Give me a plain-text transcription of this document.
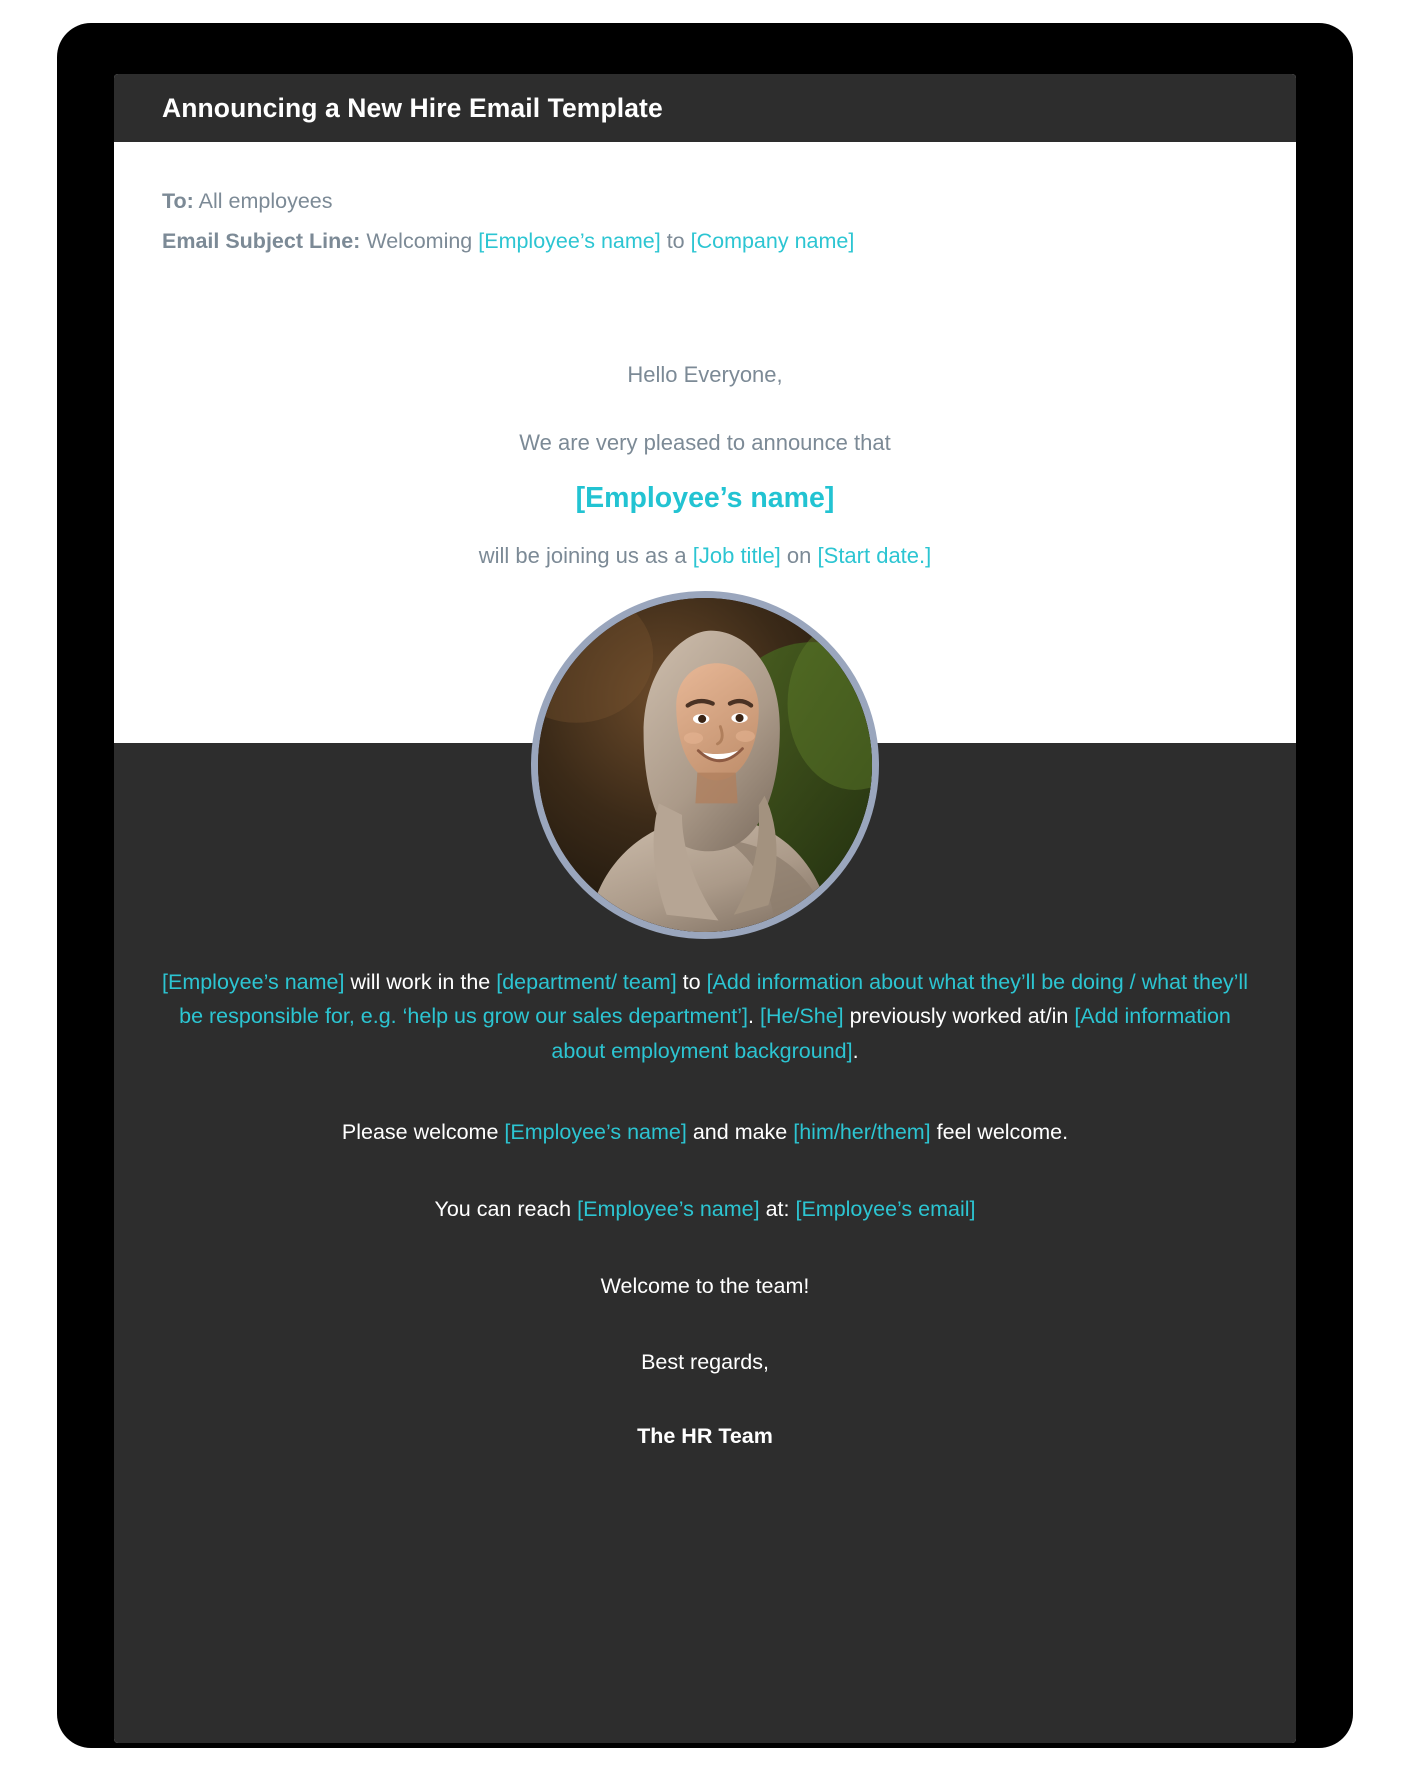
Announcing a New Hire Email Template
To: All employees
Email Subject Line: Welcoming [Employee’s name] to [Company name]
Hello Everyone,
We are very pleased to announce that
[Employee’s name]
will be joining us as a [Job title] on [Start date.]

[Employee’s name] will work in the [department/ team] to [Add information about what they’ll be doing / what they’ll be responsible for, e.g. ‘help us grow our sales department’]. [He/She] previously worked at/in [Add information about employment background].

Please welcome [Employee’s name] and make [him/her/them] feel welcome.

You can reach [Employee’s name] at: [Employee’s email]

Welcome to the team!

Best regards,

The HR Team
